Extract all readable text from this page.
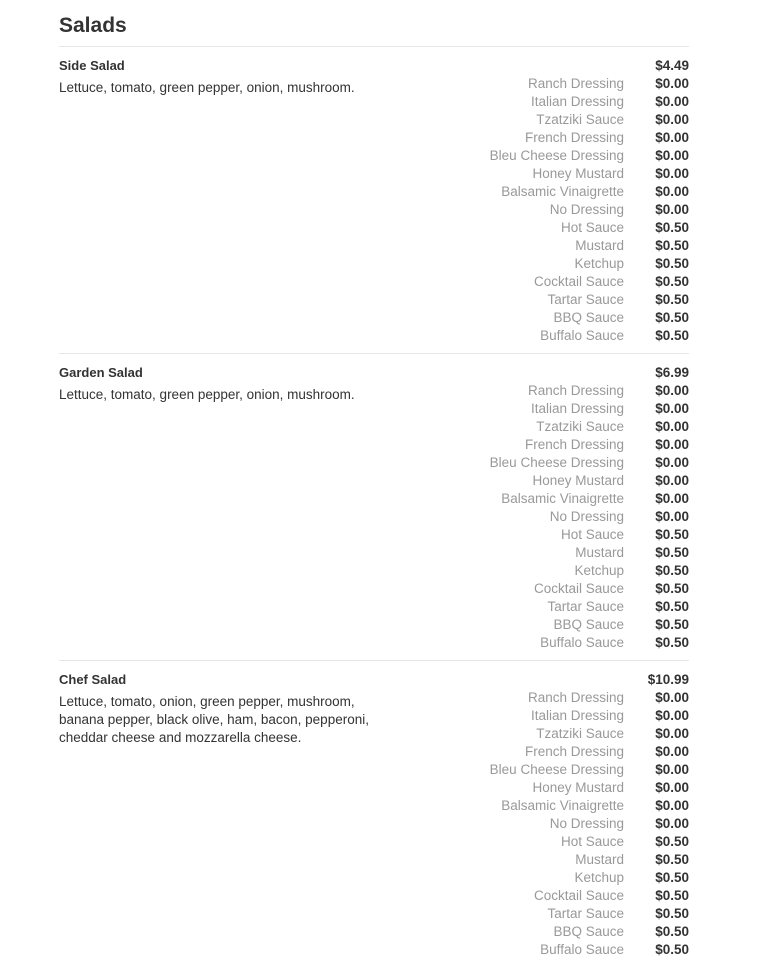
Salads
Side Salad	$4.49
Lettuce, tomato, green pepper, onion, mushroom.	Ranch Dressing	$0.00
Italian Dressing	$0.00
Tzatziki Sauce	$0.00
French Dressing	$0.00
Bleu Cheese Dressing	$0.00
Honey Mustard	$0.00
Balsamic Vinaigrette	$0.00
No Dressing	$0.00
Hot Sauce	$0.50
Mustard	$0.50
Ketchup	$0.50
Cocktail Sauce	$0.50
Tartar Sauce	$0.50
BBQ Sauce	$0.50
Buffalo Sauce	$0.50
Garden Salad	$6.99
Lettuce, tomato, green pepper, onion, mushroom.	Ranch Dressing	$0.00
Italian Dressing	$0.00
Tzatziki Sauce	$0.00
French Dressing	$0.00
Bleu Cheese Dressing	$0.00
Honey Mustard	$0.00
Balsamic Vinaigrette	$0.00
No Dressing	$0.00
Hot Sauce	$0.50
Mustard	$0.50
Ketchup	$0.50
Cocktail Sauce	$0.50
Tartar Sauce	$0.50
BBQ Sauce	$0.50
Buffalo Sauce	$0.50
Chef Salad	$10.99
Lettuce, tomato, onion, green pepper, mushroom, banana pepper, black olive, ham, bacon, pepperoni, cheddar cheese and mozzarella cheese.
Ranch Dressing	$0.00
Italian Dressing	$0.00
Tzatziki Sauce	$0.00
French Dressing	$0.00
Bleu Cheese Dressing	$0.00
Honey Mustard	$0.00
Balsamic Vinaigrette	$0.00
No Dressing	$0.00
Hot Sauce	$0.50
Mustard	$0.50
Ketchup	$0.50
Cocktail Sauce	$0.50
Tartar Sauce	$0.50
BBQ Sauce	$0.50
Buffalo Sauce	$0.50
